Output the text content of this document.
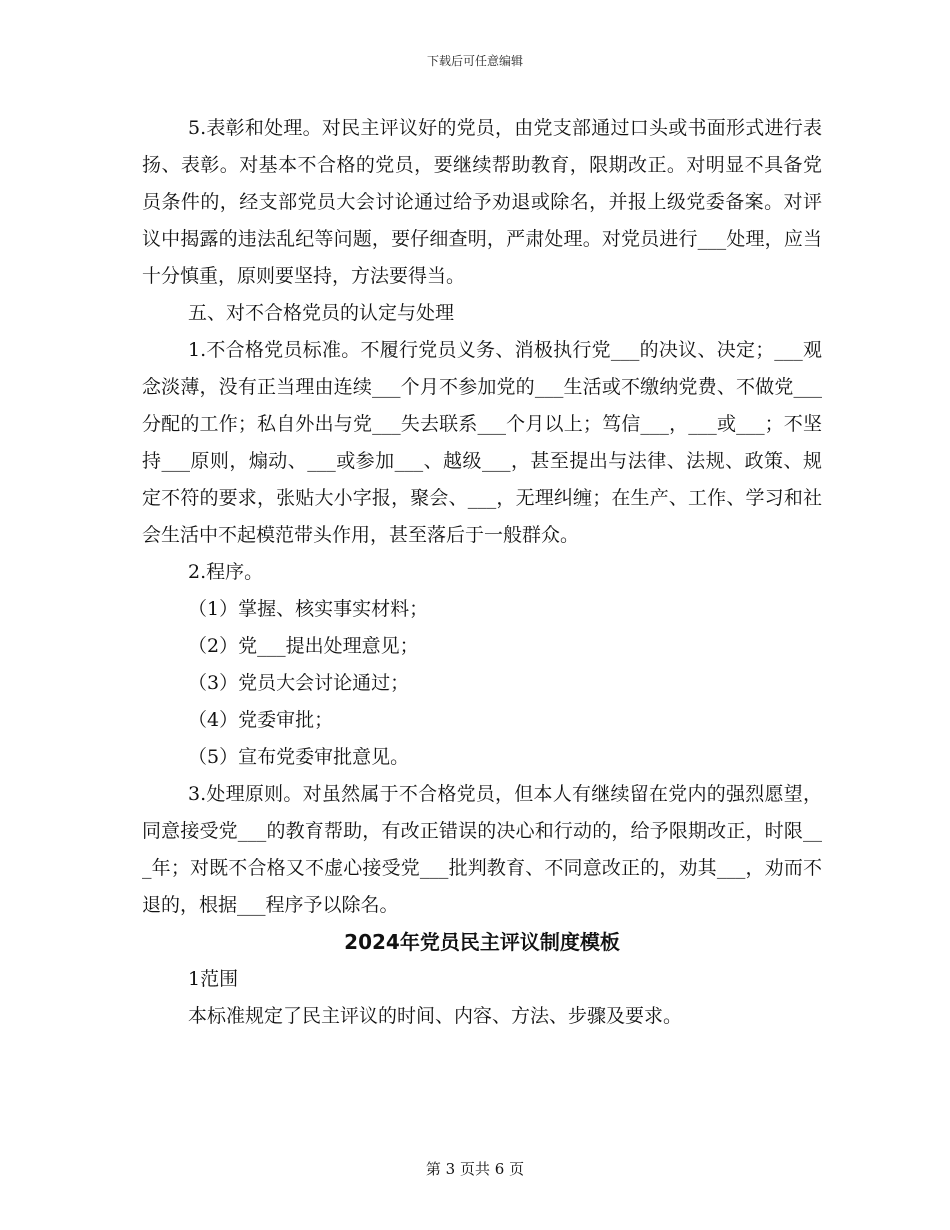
下载后可任意编辑

5.表彰和处理。对民主评议好的党员，由党支部通过口头或书面形式进行表扬、表彰。对基本不合格的党员，要继续帮助教育，限期改正。对明显不具备党员条件的，经支部党员大会讨论通过给予劝退或除名，并报上级党委备案。对评议中揭露的违法乱纪等问题，要仔细查明，严肃处理。对党员进行___处理，应当十分慎重，原则要坚持，方法要得当。

五、对不合格党员的认定与处理

1.不合格党员标准。不履行党员义务、消极执行党___的决议、决定；___观念淡薄，没有正当理由连续___个月不参加党的___生活或不缴纳党费、不做党___分配的工作；私自外出与党___失去联系___个月以上；笃信___，___或___；不坚持___原则，煽动、___或参加___、越级___，甚至提出与法律、法规、政策、规定不符的要求，张贴大小字报，聚会、___，无理纠缠；在生产、工作、学习和社会生活中不起模范带头作用，甚至落后于一般群众。

2.程序。

（1）掌握、核实事实材料；

（2）党___提出处理意见；

（3）党员大会讨论通过；

（4）党委审批；

（5）宣布党委审批意见。

3.处理原则。对虽然属于不合格党员，但本人有继续留在党内的强烈愿望，同意接受党___的教育帮助，有改正错误的决心和行动的，给予限期改正，时限___年；对既不合格又不虚心接受党___批判教育、不同意改正的，劝其___，劝而不退的，根据___程序予以除名。

2024年党员民主评议制度模板

1范围

本标准规定了民主评议的时间、内容、方法、步骤及要求。

第 3 页共 6 页
